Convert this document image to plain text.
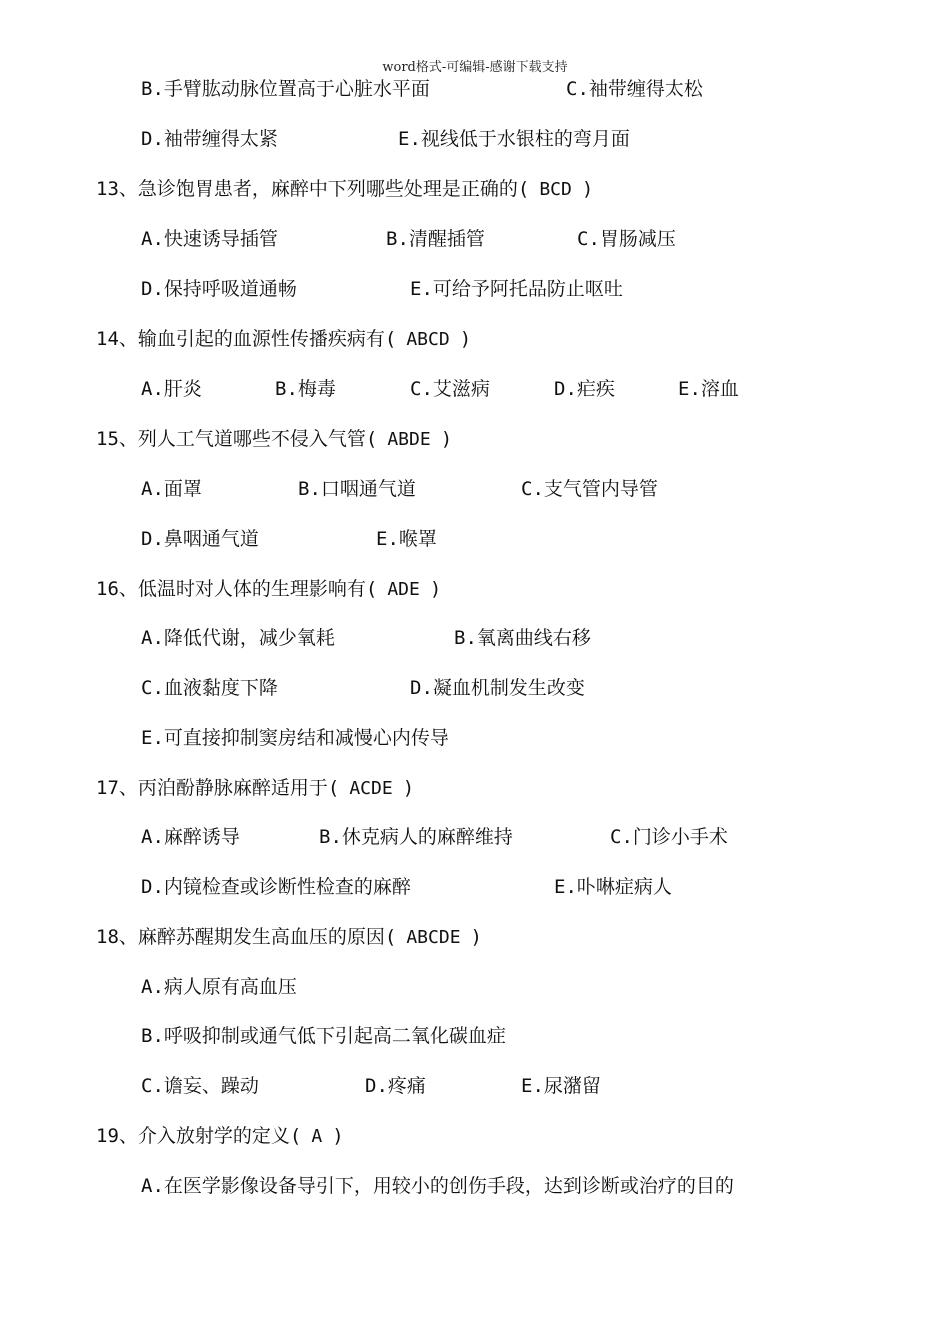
word格式-可编辑-感谢下载支持
B.手臂肱动脉位置高于心脏水平面	C.袖带缠得太松
D.袖带缠得太紧	E.视线低于水银柱的弯月面
13、急诊饱胃患者，麻醉中下列哪些处理是正确的( BCD )
A.快速诱导插管	B.清醒插管	C.胃肠减压
D.保持呼吸道通畅	E.可给予阿托品防止呕吐
14、输血引起的血源性传播疾病有( ABCD )
A.肝炎	B.梅毒	C.艾滋病	D.疟疾	E.溶血
15、列人工气道哪些不侵入气管( ABDE )
A.面罩	B.口咽通气道	C.支气管内导管
D.鼻咽通气道	E.喉罩
16、低温时对人体的生理影响有( ADE )
A.降低代谢，减少氧耗	B.氧离曲线右移
C.血液黏度下降	D.凝血机制发生改变
E.可直接抑制窦房结和减慢心内传导
17、丙泊酚静脉麻醉适用于( ACDE )
A.麻醉诱导	B.休克病人的麻醉维持	C.门诊小手术
D.内镜检查或诊断性检查的麻醉	E.卟啉症病人
18、麻醉苏醒期发生高血压的原因( ABCDE )
A.病人原有高血压
B.呼吸抑制或通气低下引起高二氧化碳血症
C.谵妄、躁动	D.疼痛	E.尿潴留
19、介入放射学的定义( A )
A.在医学影像设备导引下，用较小的创伤手段，达到诊断或治疗的目的
